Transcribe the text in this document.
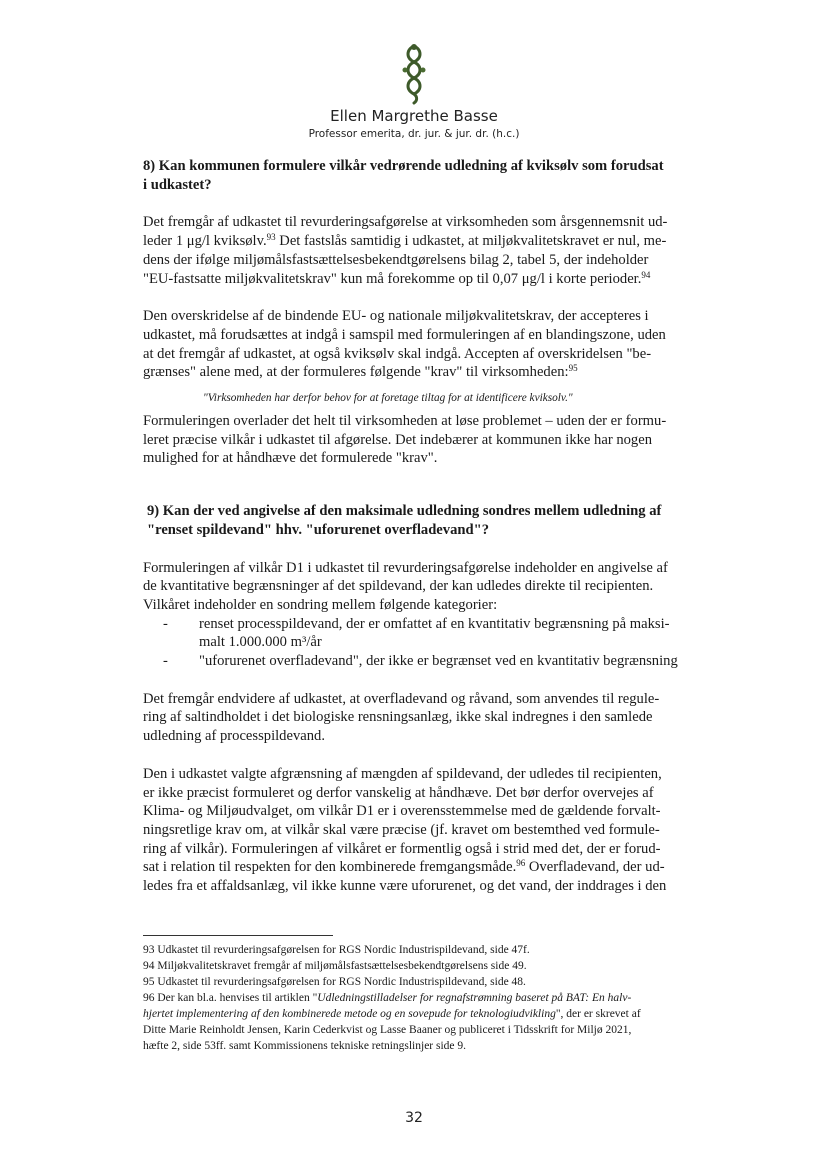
Ellen Margrethe Basse
Professor emerita, dr. jur. & jur. dr. (h.c.)
8) Kan kommunen formulere vilkår vedrørende udledning af kviksølv som forudsat
i udkastet?

Det fremgår af udkastet til revurderingsafgørelse at virksomheden som årsgennemsnit ud-
leder 1 μg/l kviksølv.$^{93}$ Det fastslås samtidig i udkastet, at miljøkvalitetskravet er nul, me-
dens der ifølge miljømålsfastsættelsesbekendtgørelsens bilag 2, tabel 5, der indeholder
"EU-fastsatte miljøkvalitetskrav" kun må forekomme op til 0,07 μg/l i korte perioder.$^{94}$

Den overskridelse af de bindende EU- og nationale miljøkvalitetskrav, der accepteres i
udkastet, må forudsættes at indgå i samspil med formuleringen af en blandingszone, uden
at det fremgår af udkastet, at også kviksølv skal indgå. Accepten af overskridelsen "be-
grænses" alene med, at der formuleres følgende "krav" til virksomheden:$^{95}$

"Virksomheden har derfor behov for at foretage tiltag for at identificere kviksolv."

Formuleringen overlader det helt til virksomheden at løse problemet – uden der er formu-
leret præcise vilkår i udkastet til afgørelse. Det indebærer at kommunen ikke har nogen
mulighed for at håndhæve det formulerede "krav".

9) Kan der ved angivelse af den maksimale udledning sondres mellem udledning af
"renset spildevand" hhv. "uforurenet overfladevand"?

Formuleringen af vilkår D1 i udkastet til revurderingsafgørelse indeholder en angivelse af
de kvantitative begrænsninger af det spildevand, der kan udledes direkte til recipienten.
Vilkåret indeholder en sondring mellem følgende kategorier:

- renset processpildevand, der er omfattet af en kvantitativ begrænsning på maksi-
malt 1.000.000 m³/år
- "uforurenet overfladevand", der ikke er begrænset ved en kvantitativ begrænsning

Det fremgår endvidere af udkastet, at overfladevand og råvand, som anvendes til regule-
ring af saltindholdet i det biologiske rensningsanlæg, ikke skal indregnes i den samlede
udledning af processpildevand.

Den i udkastet valgte afgrænsning af mængden af spildevand, der udledes til recipienten,
er ikke præcist formuleret og derfor vanskelig at håndhæve. Det bør derfor overvejes af
Klima- og Miljøudvalget, om vilkår D1 er i overensstemmelse med de gældende forvalt-
ningsretlige krav om, at vilkår skal være præcise (jf. kravet om bestemthed ved formule-
ring af vilkår). Formuleringen af vilkåret er formentlig også i strid med det, der er forud-
sat i relation til respekten for den kombinerede fremgangsmåde.$^{96}$ Overfladevand, der ud-
ledes fra et affaldsanlæg, vil ikke kunne være uforurenet, og det vand, der inddrages i den

93 Udkastet til revurderingsafgørelsen for RGS Nordic Industrispildevand, side 47f.
94 Miljøkvalitetskravet fremgår af miljømålsfastsættelsesbekendtgørelsens side 49.
95 Udkastet til revurderingsafgørelsen for RGS Nordic Industrispildevand, side 48.
96 Der kan bl.a. henvises til artiklen "Udledningstilladelser for regnafstrømning baseret på BAT: En halv-
hjertet implementering af den kombinerede metode og en sovepude for teknologiudvikling", der er skrevet af
Ditte Marie Reinholdt Jensen, Karin Cederkvist og Lasse Baaner og publiceret i Tidsskrift for Miljø 2021,
hæfte 2, side 53ff. samt Kommissionens tekniske retningslinjer side 9.
32
